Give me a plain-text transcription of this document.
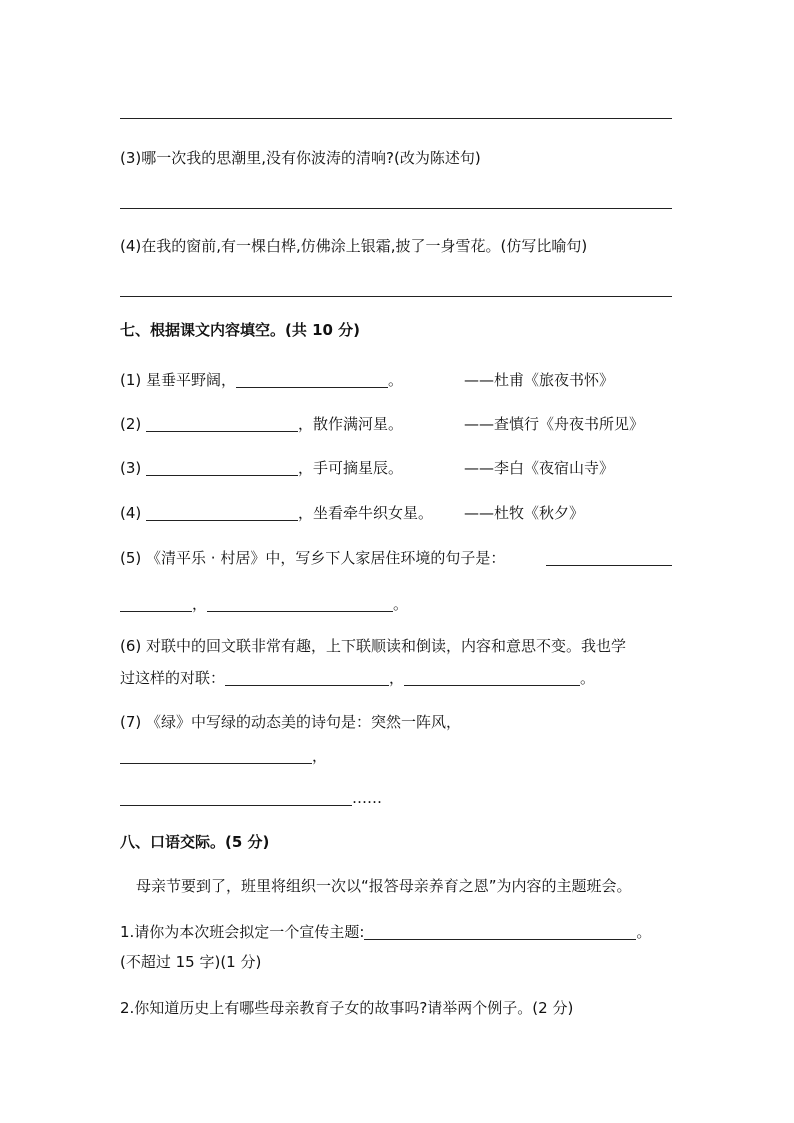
(3)哪一次我的思潮里,没有你波涛的清响?(改为陈述句)
(4)在我的窗前,有一棵白桦,仿佛涂上银霜,披了一身雪花。(仿写比喻句)
七、根据课文内容填空。(共 10 分)
(1) 星垂平野阔，	。	——杜甫《旅夜书怀》
(2)	，散作满河星。	——查慎行《舟夜书所见》
(3)	，手可摘星辰。	——李白《夜宿山寺》
(4)	，坐看牵牛织女星。 ——杜牧《秋夕》
(5) 《清平乐 · 村居》中，写乡下人家居住环境的句子是：
，	。
(6) 对联中的回文联非常有趣，上下联顺读和倒读，内容和意思不变。我也学
过这样的对联：	，	。
(7) 《绿》中写绿的动态美的诗句是：突然一阵风，
，
……
八、口语交际。(5 分)
母亲节要到了，班里将组织一次以“报答母亲养育之恩”为内容的主题班会。
1.请你为本次班会拟定一个宣传主题:	。
(不超过 15 字)(1 分)
2.你知道历史上有哪些母亲教育子女的故事吗?请举两个例子。(2 分)
